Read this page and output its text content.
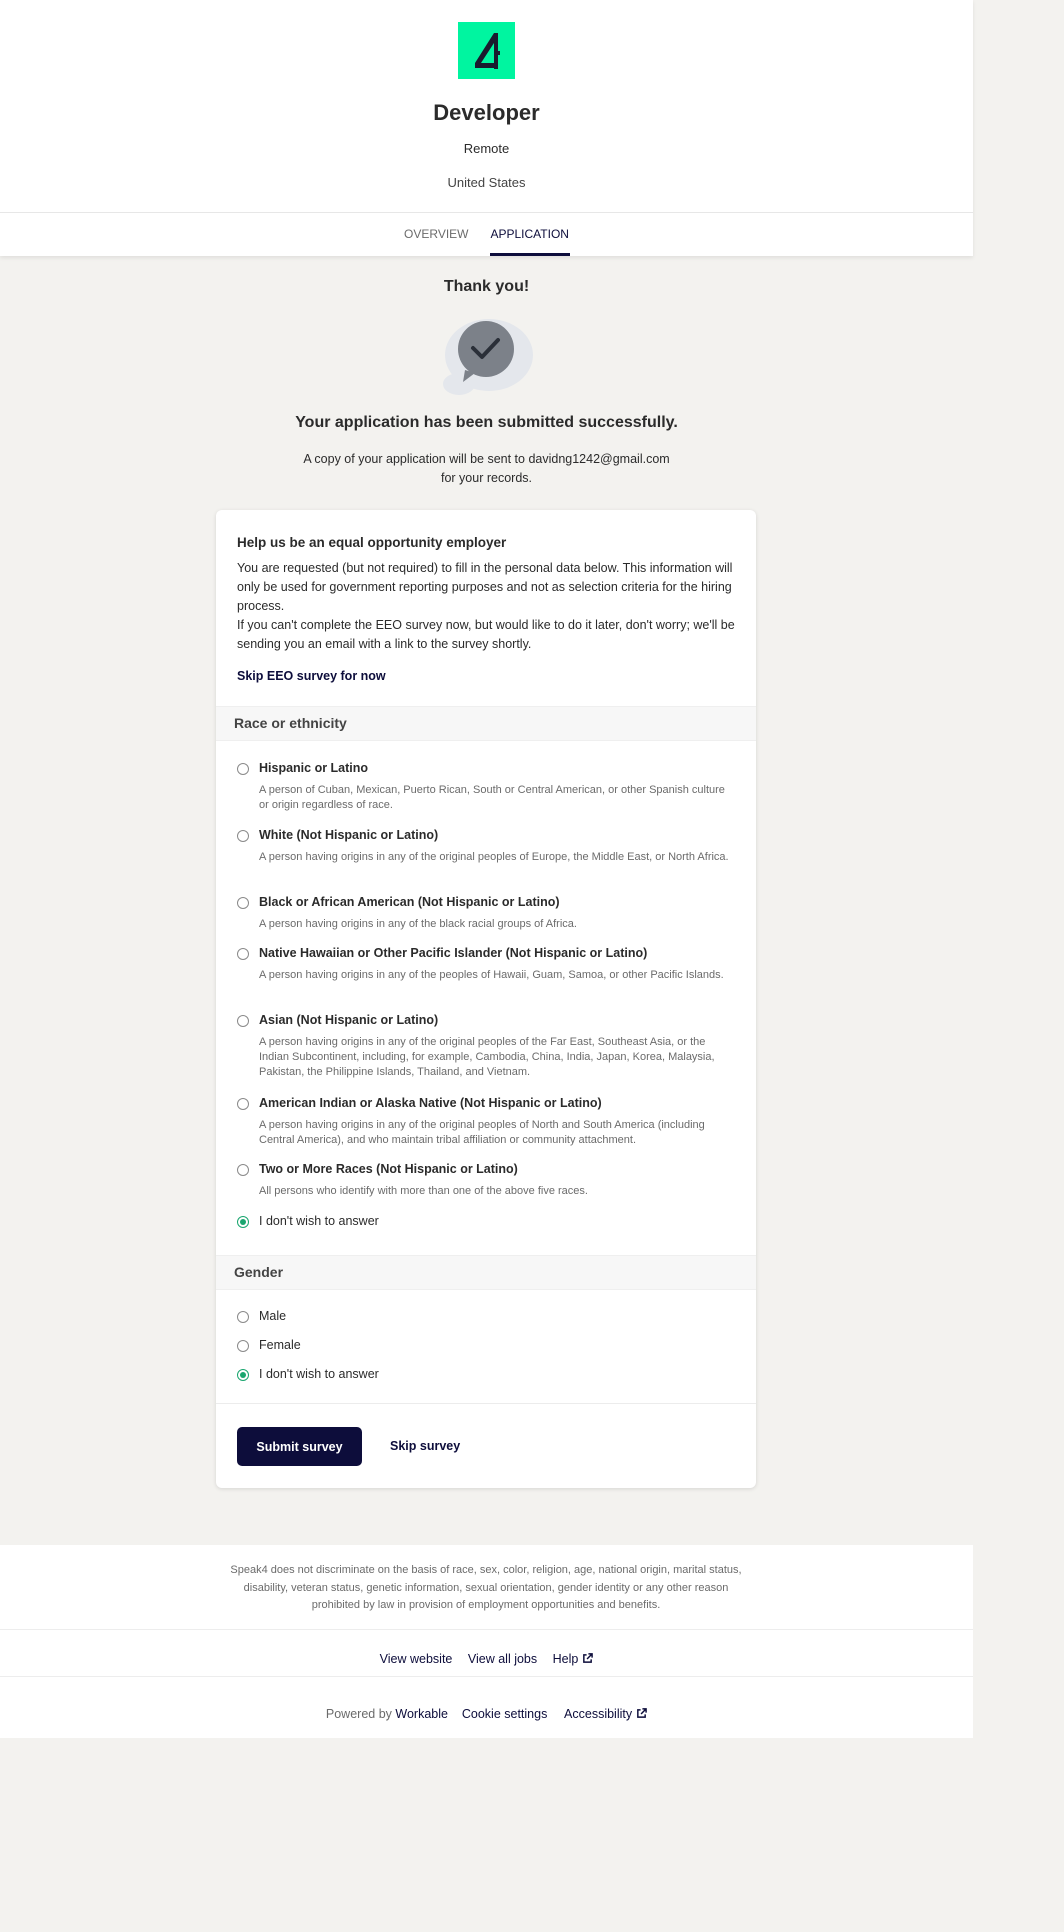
Developer
Remote
United States
OVERVIEW APPLICATION
Thank you!
Your application has been submitted successfully.
A copy of your application will be sent to davidng1242@gmail.com
for your records.
Help us be an equal opportunity employer
You are requested (but not required) to fill in the personal data below. This information will only be used for government reporting purposes and not as selection criteria for the hiring process.
If you can't complete the EEO survey now, but would like to do it later, don't worry; we'll be sending you an email with a link to the survey shortly.
Skip EEO survey for now
Race or ethnicity
Hispanic or Latino
A person of Cuban, Mexican, Puerto Rican, South or Central American, or other Spanish culture or origin regardless of race.
White (Not Hispanic or Latino)
A person having origins in any of the original peoples of Europe, the Middle East, or North Africa.
Black or African American (Not Hispanic or Latino)
A person having origins in any of the black racial groups of Africa.
Native Hawaiian or Other Pacific Islander (Not Hispanic or Latino)
A person having origins in any of the peoples of Hawaii, Guam, Samoa, or other Pacific Islands.
Asian (Not Hispanic or Latino)
A person having origins in any of the original peoples of the Far East, Southeast Asia, or the Indian Subcontinent, including, for example, Cambodia, China, India, Japan, Korea, Malaysia, Pakistan, the Philippine Islands, Thailand, and Vietnam.
American Indian or Alaska Native (Not Hispanic or Latino)
A person having origins in any of the original peoples of North and South America (including Central America), and who maintain tribal affiliation or community attachment.
Two or More Races (Not Hispanic or Latino)
All persons who identify with more than one of the above five races.
I don't wish to answer
Gender
Male
Female
I don't wish to answer
Submit survey	Skip survey
Speak4 does not discriminate on the basis of race, sex, color, religion, age, national origin, marital status, disability, veteran status, genetic information, sexual orientation, gender identity or any other reason prohibited by law in provision of employment opportunities and benefits.
View website View all jobs Help
Powered by Workable Cookie settings Accessibility
